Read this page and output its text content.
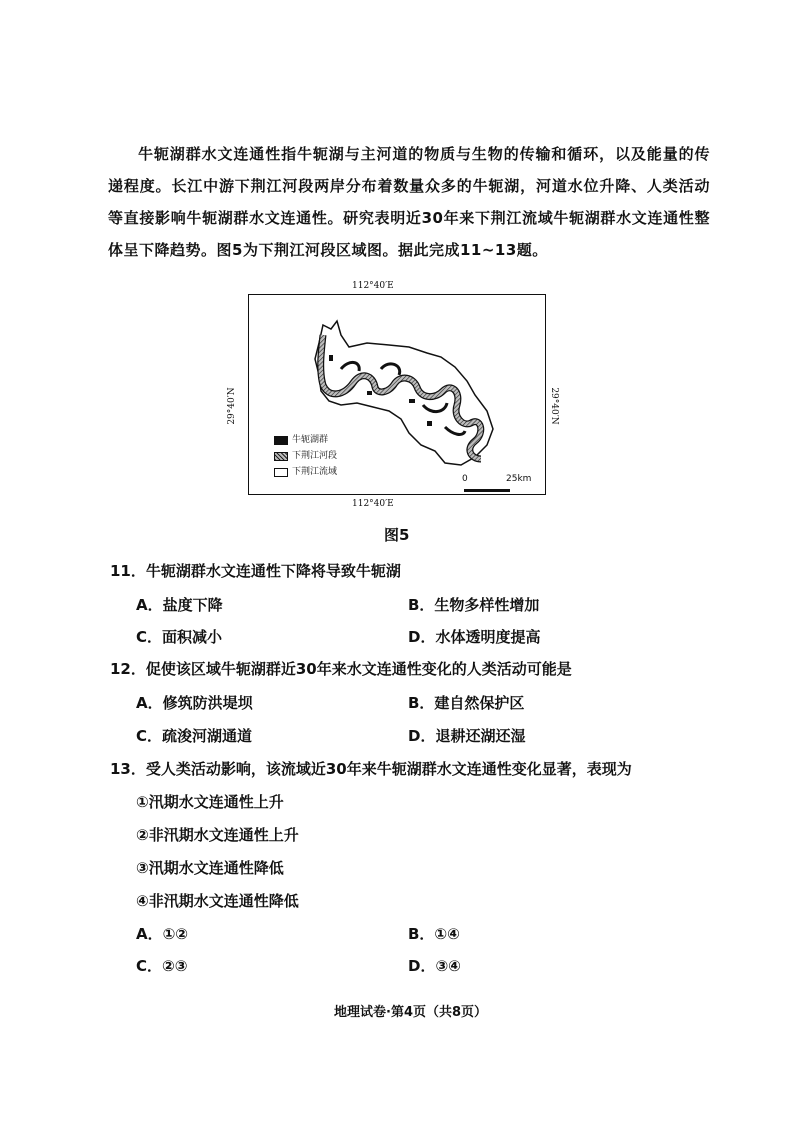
牛轭湖群水文连通性指牛轭湖与主河道的物质与生物的传输和循环，以及能量的传递程度。长江中游下荆江河段两岸分布着数量众多的牛轭湖，河道水位升降、人类活动等直接影响牛轭湖群水文连通性。研究表明近30年来下荆江流域牛轭湖群水文连通性整体呈下降趋势。图5为下荆江河段区域图。据此完成11~13题。

112°40′E
112°40′E
29°40′N	29°40′N
牛轭湖群
下荆江河段
下荆江流域
0	25km
图5
11．牛轭湖群水文连通性下降将导致牛轭湖
A．盐度下降	B．生物多样性增加
C．面积减小	D．水体透明度提高
12．促使该区域牛轭湖群近30年来水文连通性变化的人类活动可能是
A．修筑防洪堤坝	B．建自然保护区
C．疏浚河湖通道	D．退耕还湖还湿
13．受人类活动影响，该流域近30年来牛轭湖群水文连通性变化显著，表现为
①汛期水文连通性上升
②非汛期水文连通性上升
③汛期水文连通性降低
④非汛期水文连通性降低
A．①②	B．①④
C．②③	D．③④
地理试卷·第4页（共8页）
